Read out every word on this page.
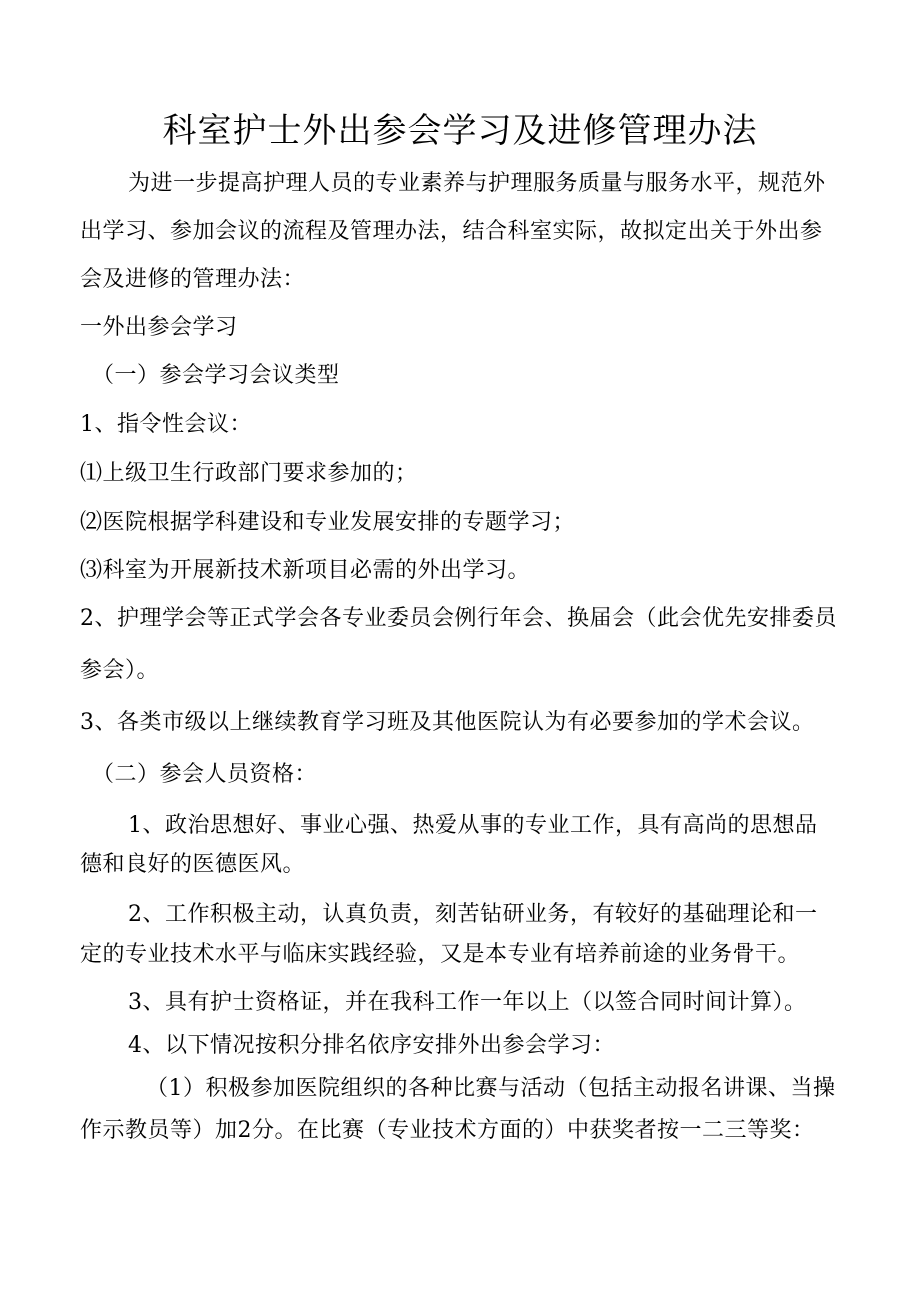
科室护士外出参会学习及进修管理办法
为进一步提高护理人员的专业素养与护理服务质量与服务水平，规范外
出学习、参加会议的流程及管理办法，结合科室实际，故拟定出关于外出参
会及进修的管理办法：
一外出参会学习
（一）参会学习会议类型
1、指令性会议：
⑴上级卫生行政部门要求参加的；
⑵医院根据学科建设和专业发展安排的专题学习；
⑶科室为开展新技术新项目必需的外出学习。
2、护理学会等正式学会各专业委员会例行年会、换届会（此会优先安排委员
参会）。
3、各类市级以上继续教育学习班及其他医院认为有必要参加的学术会议。
（二）参会人员资格：
1、政治思想好、事业心强、热爱从事的专业工作，具有高尚的思想品
德和良好的医德医风。
2、工作积极主动，认真负责，刻苦钻研业务，有较好的基础理论和一
定的专业技术水平与临床实践经验，又是本专业有培养前途的业务骨干。
3、具有护士资格证，并在我科工作一年以上（以签合同时间计算）。
4、以下情况按积分排名依序安排外出参会学习：
（1）积极参加医院组织的各种比赛与活动（包括主动报名讲课、当操
作示教员等）加2分。在比赛（专业技术方面的）中获奖者按一二三等奖：
